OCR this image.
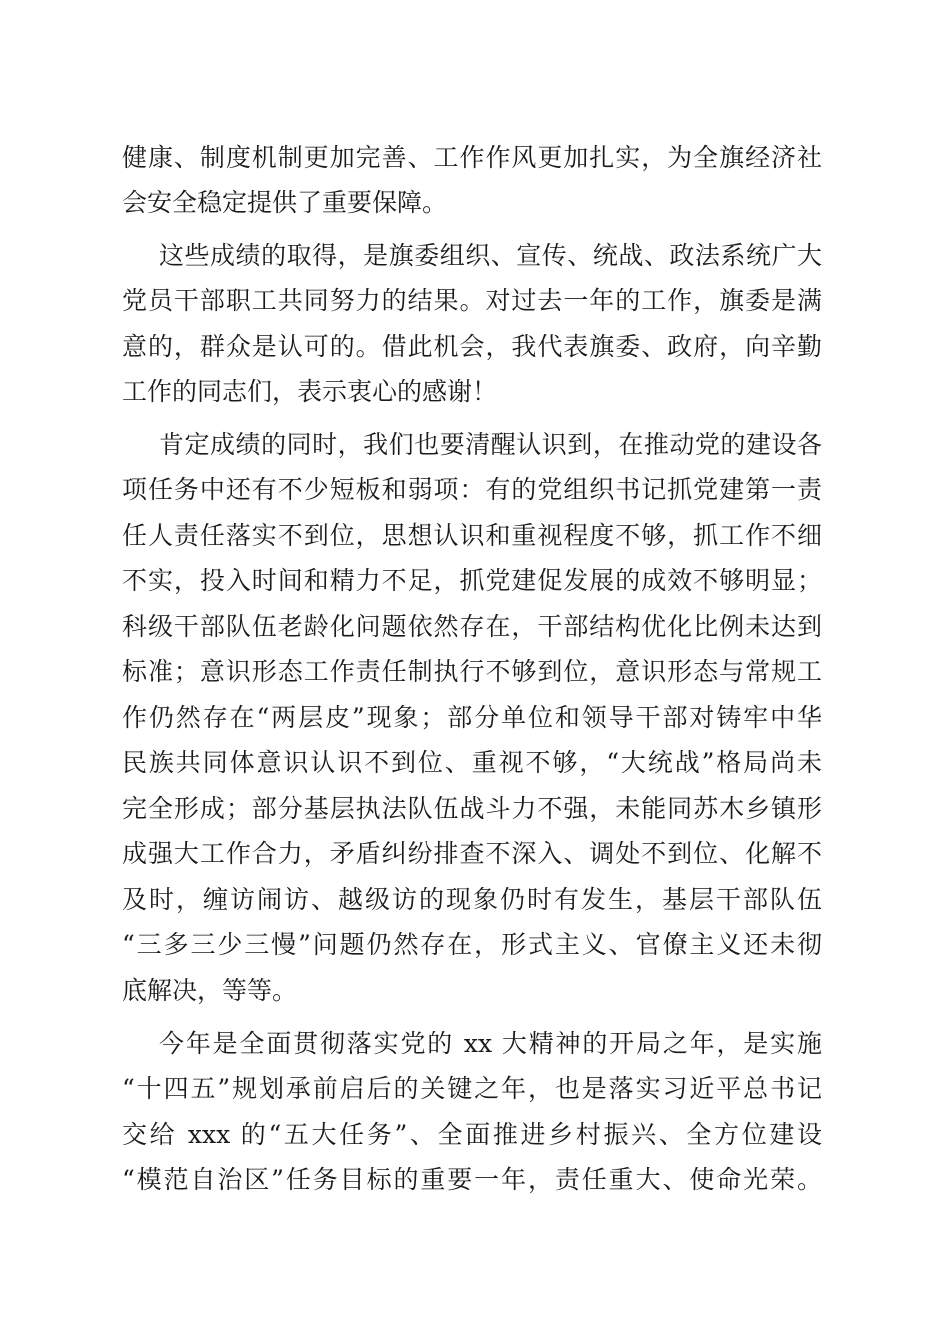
健康、制度机制更加完善、工作作风更加扎实，为全旗经济社
会安全稳定提供了重要保障。
这些成绩的取得，是旗委组织、宣传、统战、政法系统广大
党员干部职工共同努力的结果。对过去一年的工作，旗委是满
意的，群众是认可的。借此机会，我代表旗委、政府，向辛勤
工作的同志们，表示衷心的感谢！
肯定成绩的同时，我们也要清醒认识到，在推动党的建设各
项任务中还有不少短板和弱项：有的党组织书记抓党建第一责
任人责任落实不到位，思想认识和重视程度不够，抓工作不细
不实，投入时间和精力不足，抓党建促发展的成效不够明显；
科级干部队伍老龄化问题依然存在，干部结构优化比例未达到
标准；意识形态工作责任制执行不够到位，意识形态与常规工
作仍然存在“两层皮”现象；部分单位和领导干部对铸牢中华
民族共同体意识认识不到位、重视不够，“大统战”格局尚未
完全形成；部分基层执法队伍战斗力不强，未能同苏木乡镇形
成强大工作合力，矛盾纠纷排查不深入、调处不到位、化解不
及时，缠访闹访、越级访的现象仍时有发生，基层干部队伍
“三多三少三慢”问题仍然存在，形式主义、官僚主义还未彻
底解决，等等。
今年是全面贯彻落实党的 xx 大精神的开局之年，是实施
“十四五”规划承前启后的关键之年，也是落实习近平总书记
交给 xxx 的“五大任务”、全面推进乡村振兴、全方位建设
“模范自治区”任务目标的重要一年，责任重大、使命光荣。
